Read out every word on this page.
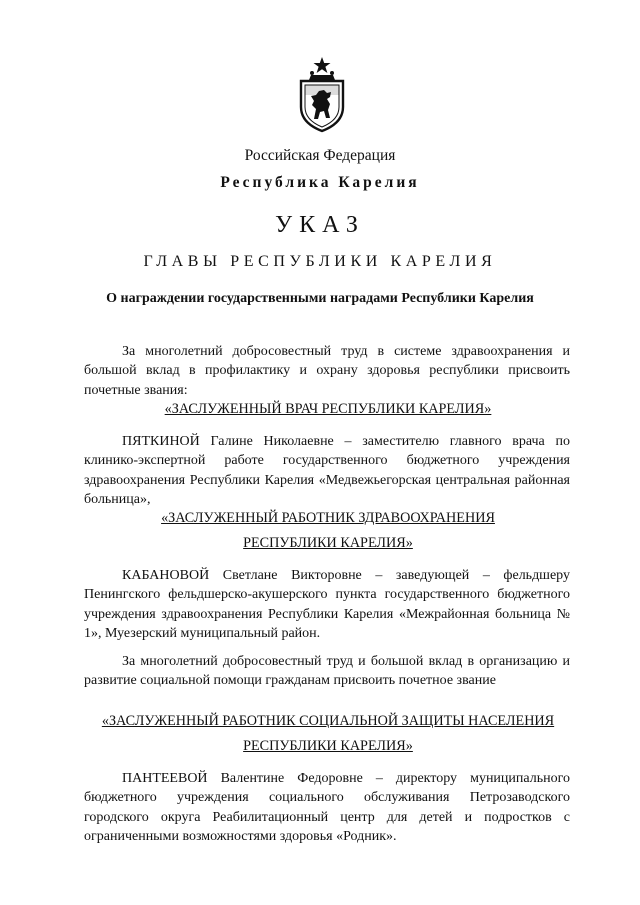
Российская Федерация
Республика Карелия
УКАЗ
ГЛАВЫ РЕСПУБЛИКИ КАРЕЛИЯ
О награждении государственными наградами Республики Карелия
За многолетний добросовестный труд в системе здравоохранения и большой вклад в профилактику и охрану здоровья республики присвоить почетные звания:
«ЗАСЛУЖЕННЫЙ ВРАЧ РЕСПУБЛИКИ КАРЕЛИЯ»
ПЯТКИНОЙ Галине Николаевне – заместителю главного врача по клинико-экспертной работе государственного бюджетного учреждения здравоохранения Республики Карелия «Медвежьегорская центральная районная больница»,
«ЗАСЛУЖЕННЫЙ РАБОТНИК ЗДРАВООХРАНЕНИЯ
РЕСПУБЛИКИ КАРЕЛИЯ»
КАБАНОВОЙ Светлане Викторовне – заведующей – фельдшеру Пенингского фельдшерско-акушерского пункта государственного бюджетного учреждения здравоохранения Республики Карелия «Межрайонная больница № 1», Муезерский муниципальный район.
За многолетний добросовестный труд и большой вклад в организацию и развитие социальной помощи гражданам присвоить почетное звание
«ЗАСЛУЖЕННЫЙ РАБОТНИК СОЦИАЛЬНОЙ ЗАЩИТЫ НАСЕЛЕНИЯ
РЕСПУБЛИКИ КАРЕЛИЯ»
ПАНТЕЕВОЙ Валентине Федоровне – директору муниципального бюджетного учреждения социального обслуживания Петрозаводского городского округа Реабилитационный центр для детей и подростков с ограниченными возможностями здоровья «Родник».
